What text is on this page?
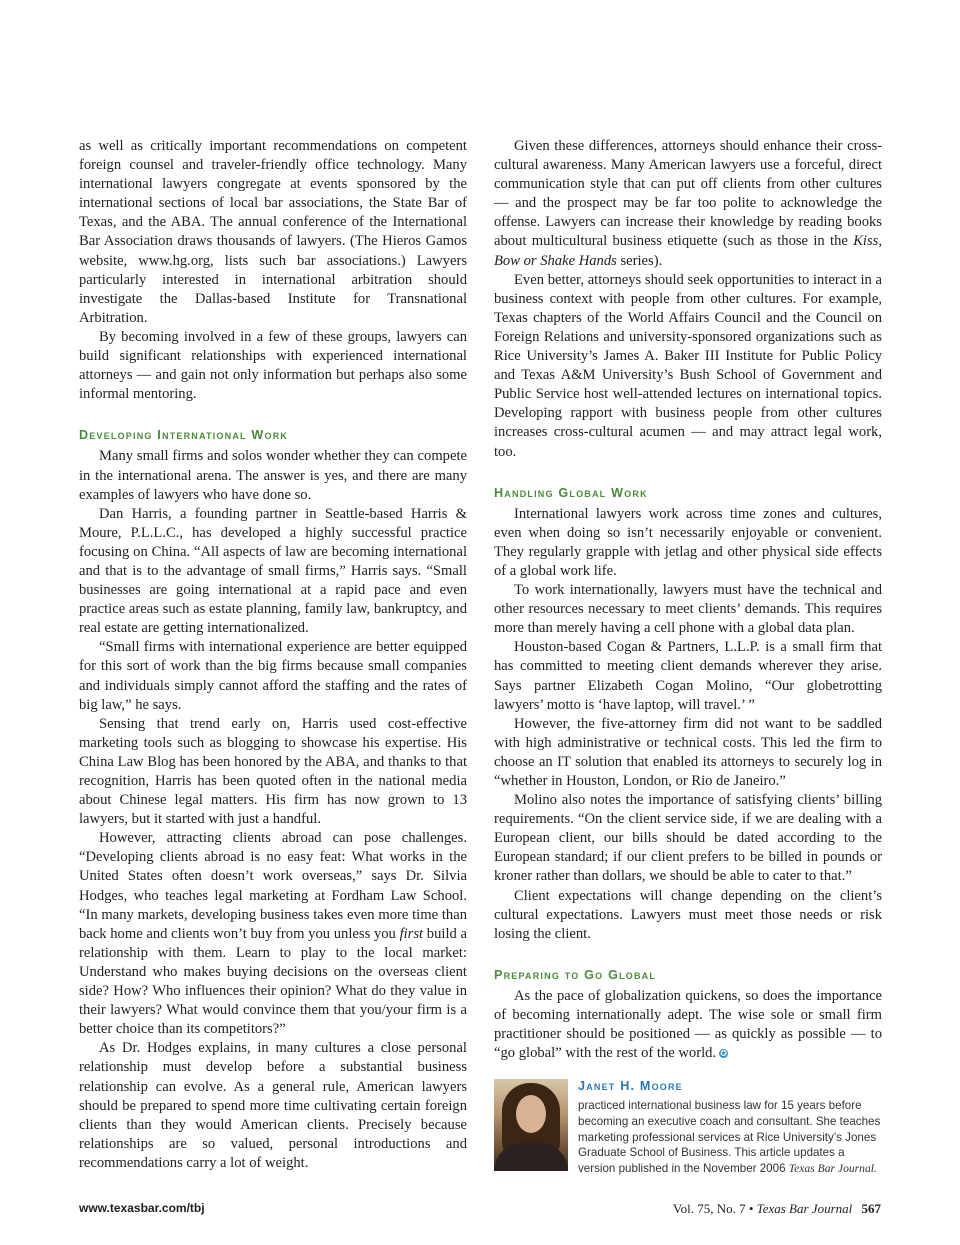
as well as critically important recommendations on competent foreign counsel and traveler-friendly office technology. Many international lawyers congregate at events sponsored by the international sections of local bar associations, the State Bar of Texas, and the ABA. The annual conference of the International Bar Association draws thousands of lawyers. (The Hieros Gamos website, www.hg.org, lists such bar associations.) Lawyers particularly interested in international arbitration should investigate the Dallas-based Institute for Transnational Arbitration.

By becoming involved in a few of these groups, lawyers can build significant relationships with experienced international attorneys — and gain not only information but perhaps also some informal mentoring.

Developing International Work

Many small firms and solos wonder whether they can compete in the international arena. The answer is yes, and there are many examples of lawyers who have done so.

Dan Harris, a founding partner in Seattle-based Harris & Moure, P.L.L.C., has developed a highly successful practice focusing on China. “All aspects of law are becoming international and that is to the advantage of small firms,” Harris says. “Small businesses are going international at a rapid pace and even practice areas such as estate planning, family law, bankruptcy, and real estate are getting internationalized.

“Small firms with international experience are better equipped for this sort of work than the big firms because small companies and individuals simply cannot afford the staffing and the rates of big law,” he says.

Sensing that trend early on, Harris used cost-effective marketing tools such as blogging to showcase his expertise. His China Law Blog has been honored by the ABA, and thanks to that recognition, Harris has been quoted often in the national media about Chinese legal matters. His firm has now grown to 13 lawyers, but it started with just a handful.

However, attracting clients abroad can pose challenges. “Developing clients abroad is no easy feat: What works in the United States often doesn’t work overseas,” says Dr. Silvia Hodges, who teaches legal marketing at Fordham Law School. “In many markets, developing business takes even more time than back home and clients won’t buy from you unless you first build a relationship with them. Learn to play to the local market: Understand who makes buying decisions on the overseas client side? How? Who influences their opinion? What do they value in their lawyers? What would convince them that you/your firm is a better choice than its competitors?”

As Dr. Hodges explains, in many cultures a close personal relationship must develop before a substantial business relationship can evolve. As a general rule, American lawyers should be prepared to spend more time cultivating certain foreign clients than they would American clients. Precisely because relationships are so valued, personal introductions and recommendations carry a lot of weight.

Given these differences, attorneys should enhance their cross-cultural awareness. Many American lawyers use a forceful, direct communication style that can put off clients from other cultures — and the prospect may be far too polite to acknowledge the offense. Lawyers can increase their knowledge by reading books about multicultural business etiquette (such as those in the Kiss, Bow or Shake Hands series).

Even better, attorneys should seek opportunities to interact in a business context with people from other cultures. For example, Texas chapters of the World Affairs Council and the Council on Foreign Relations and university-sponsored organizations such as Rice University’s James A. Baker III Institute for Public Policy and Texas A&M University’s Bush School of Government and Public Service host well-attended lectures on international topics. Developing rapport with business people from other cultures increases cross-cultural acumen — and may attract legal work, too.

Handling Global Work

International lawyers work across time zones and cultures, even when doing so isn’t necessarily enjoyable or convenient. They regularly grapple with jetlag and other physical side effects of a global work life.

To work internationally, lawyers must have the technical and other resources necessary to meet clients’ demands. This requires more than merely having a cell phone with a global data plan.

Houston-based Cogan & Partners, L.L.P. is a small firm that has committed to meeting client demands wherever they arise. Says partner Elizabeth Cogan Molino, “Our globetrotting lawyers’ motto is ‘have laptop, will travel.’ ”

However, the five-attorney firm did not want to be saddled with high administrative or technical costs. This led the firm to choose an IT solution that enabled its attorneys to securely log in “whether in Houston, London, or Rio de Janeiro.”

Molino also notes the importance of satisfying clients’ billing requirements. “On the client service side, if we are dealing with a European client, our bills should be dated according to the European standard; if our client prefers to be billed in pounds or kroner rather than dollars, we should be able to cater to that.”

Client expectations will change depending on the client’s cultural expectations. Lawyers must meet those needs or risk losing the client.

Preparing to Go Global

As the pace of globalization quickens, so does the importance of becoming internationally adept. The wise sole or small firm practitioner should be positioned — as quickly as possible — to “go global” with the rest of the world. ✪

Janet H. Moore
practiced international business law for 15 years before becoming an executive coach and consultant. She teaches marketing professional services at Rice University’s Jones Graduate School of Business. This article updates a version published in the November 2006 Texas Bar Journal.
www.texasbar.com/tbj	Vol. 75, No. 7 • Texas Bar Journal 567
